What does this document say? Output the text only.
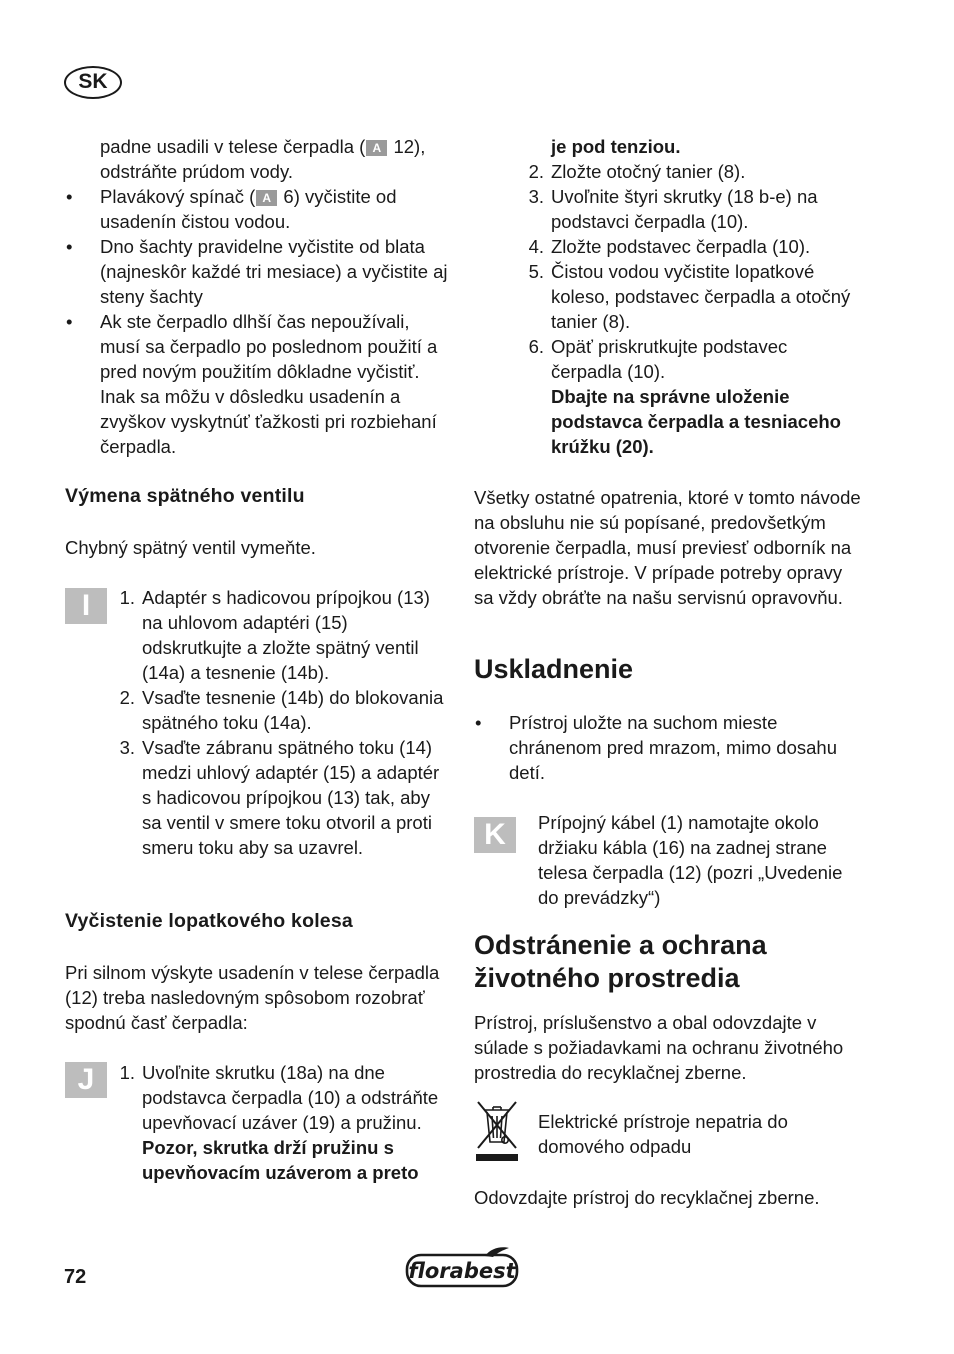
SK
padne usadili v telese čerpadla ( A 12), odstráňte prúdom vody.
• Plavákový spínač ( A 6) vyčistite od usadenín čistou vodou.
• Dno šachty pravidelne vyčistite od blata (najneskôr každé tri mesiace) a vyčistite aj steny šachty
• Ak ste čerpadlo dlhší čas nepoužívali, musí sa čerpadlo po poslednom použití a pred novým použitím dôkladne vyčistiť. Inak sa môžu v dôsledku usadenín a zvyškov vyskytnúť ťažkosti pri rozbiehaní čerpadla.
Výmena spätného ventilu
Chybný spätný ventil vymeňte.
I	1. Adaptér s hadicovou prípojkou (13) na uhlovom adaptéri (15) odskrutkujte a zložte spätný ventil (14a) a tesnenie (14b).
2. Vsaďte tesnenie (14b) do blokovania spätného toku (14a).
3. Vsaďte zábranu spätného toku (14) medzi uhlový adaptér (15) a adaptér s hadicovou prípojkou (13) tak, aby sa ventil v smere toku otvoril a proti smeru toku aby sa uzavrel.
Vyčistenie lopatkového kolesa
Pri silnom výskyte usadenín v telese čerpadla (12) treba nasledovným spôsobom rozobrať spodnú časť čerpadla:
J	1. Uvoľnite skrutku (18a) na dne podstavca čerpadla (10) a odstráňte upevňovací uzáver (19) a pružinu.
Pozor, skrutka drží pružinu s upevňovacím uzáverom a preto
je pod tenziou.
2. Zložte otočný tanier (8).
3. Uvoľnite štyri skrutky (18 b-e) na podstavci čerpadla (10).
4. Zložte podstavec čerpadla (10).
5. Čistou vodou vyčistite lopatkové koleso, podstavec čerpadla a otočný tanier (8).
6. Opäť priskrutkujte podstavec čerpadla (10).
Dbajte na správne uloženie podstavca čerpadla a tesniaceho krúžku (20).
Všetky ostatné opatrenia, ktoré v tomto návode na obsluhu nie sú popísané, predovšetkým otvorenie čerpadla, musí previesť odborník na elektrické prístroje. V prípade potreby opravy sa vždy obráťte na našu servisnú opravovňu.
Uskladnenie
• Prístroj uložte na suchom mieste chránenom pred mrazom, mimo dosahu detí.
K	Prípojný kábel (1) namotajte okolo držiaku kábla (16) na zadnej strane telesa čerpadla (12) (pozri „Uvedenie do prevádzky“)
Odstránenie a ochrana životného prostredia
Prístroj, príslušenstvo a obal odovzdajte v súlade s požiadavkami na ochranu životného prostredia do recyklačnej zberne.
Elektrické prístroje nepatria do domového odpadu
Odovzdajte prístroj do recyklačnej zberne.
72	florabest
